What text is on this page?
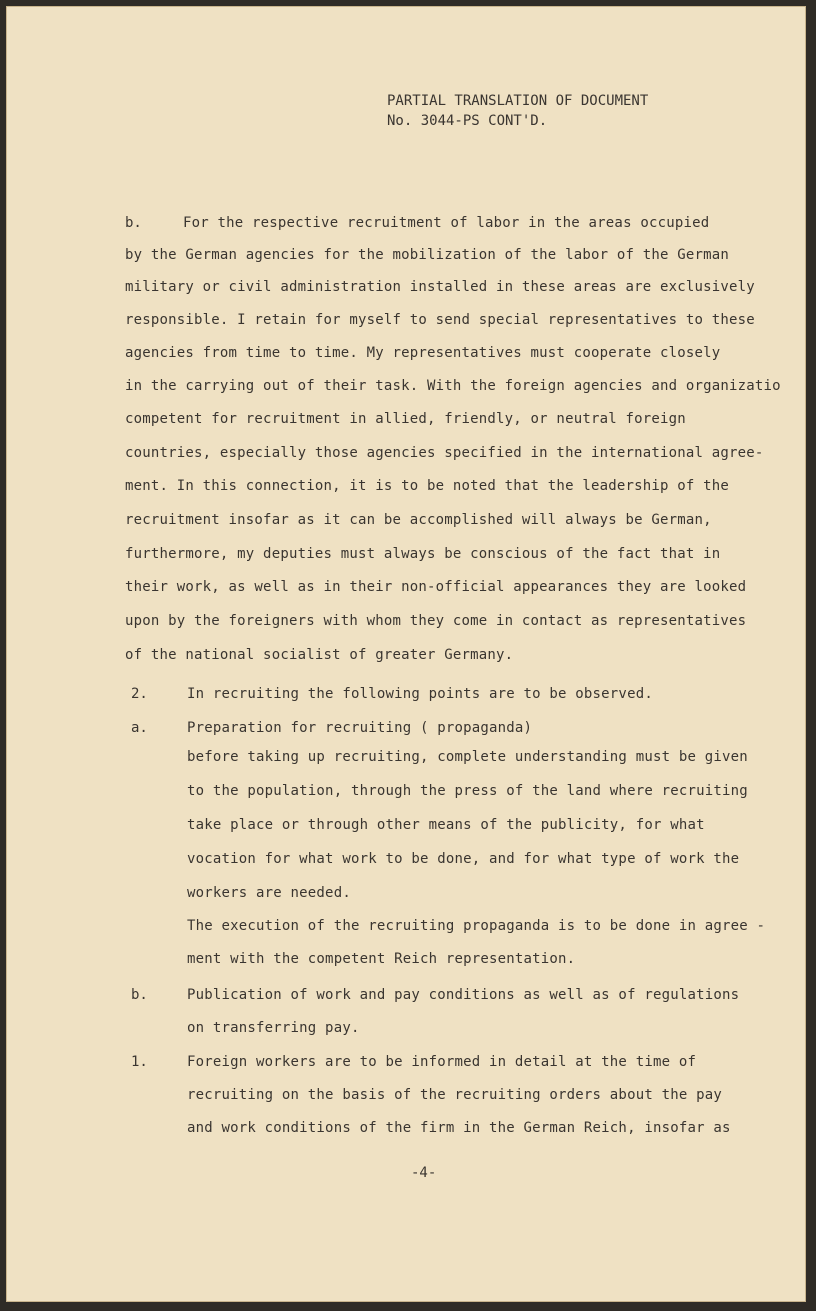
PARTIAL TRANSLATION OF DOCUMENT
No. 3044-PS CONT'D.
b.
2.
a.
b.
1.
For the respective recruitment of labor in the areas occupied
by the German agencies for the mobilization of the labor of the German
military or civil administration installed in these areas are exclusively
responsible. I retain for myself to send special representatives to these
agencies from time to time. My representatives must cooperate closely
in the carrying out of their task. With the foreign agencies and organizatio
competent for recruitment in allied, friendly, or neutral foreign
countries, especially those agencies specified in the international agree-
ment. In this connection, it is to be noted that the leadership of the
recruitment insofar as it can be accomplished will always be German,
furthermore, my deputies must always be conscious of the fact that in
their work, as well as in their non-official appearances they are looked
upon by the foreigners with whom they come in contact as representatives
of the national socialist of greater Germany.
In recruiting the following points are to be observed.
Preparation for recruiting ( propaganda)
before taking up recruiting, complete understanding must be given
to the population, through the press of the land where recruiting
take place or through other means of the publicity, for what
vocation for what work to be done, and for what type of work the
workers are needed.
The execution of the recruiting propaganda is to be done in agree -
ment with the competent Reich representation.
Publication of work and pay conditions as well as of regulations
on transferring pay.
Foreign workers are to be informed in detail at the time of
recruiting on the basis of the recruiting orders about the pay
and work conditions of the firm in the German Reich, insofar as
-4-
